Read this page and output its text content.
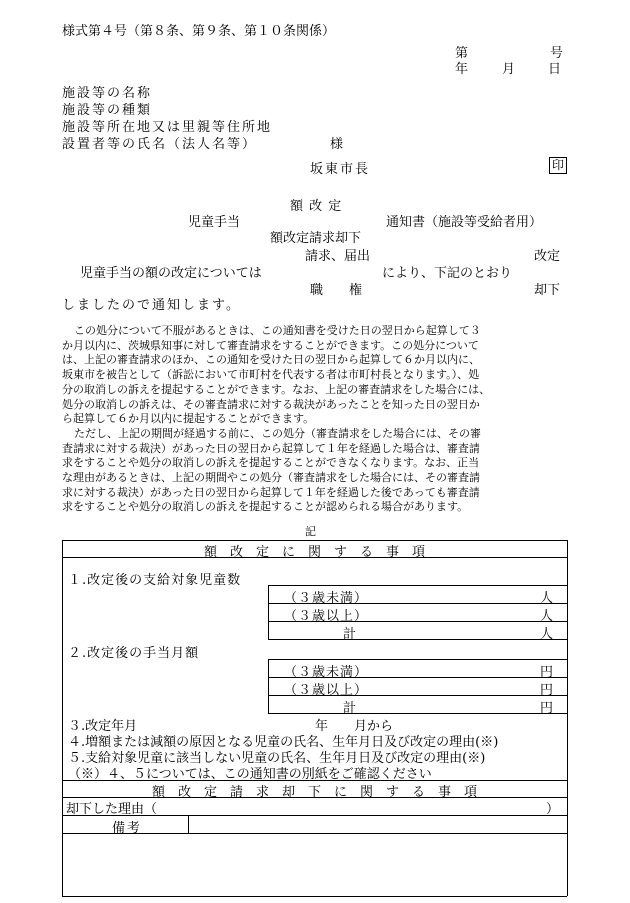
様式第４号（第８条、第９条、第１０条関係）
第	号
年	月	日
施設等の名称
施設等の種類
施設等所在地又は里親等住所地
設置者等の氏名（法人名等）	様
坂東市長	印
額 改 定
児童手当	通知書（施設等受給者用）
額改定請求却下
請求、届出	改定
児童手当の額の改定については	により、下記のとおり
職　　権	却下
しましたので通知します。
この処分について不服があるときは、この通知書を受けた日の翌日から起算して３
か月以内に、茨城県知事に対して審査請求をすることができます。この処分について
は、上記の審査請求のほか、この通知を受けた日の翌日から起算して６か月以内に、
坂東市を被告として（訴訟において市町村を代表する者は市町村長となります。）、処
分の取消しの訴えを提起することができます。なお、上記の審査請求をした場合には、
処分の取消しの訴えは、その審査請求に対する裁決があったことを知った日の翌日か
ら起算して６か月以内に提起することができます。
ただし、上記の期間が経過する前に、この処分（審査請求をした場合には、その審
査請求に対する裁決）があった日の翌日から起算して１年を経過した場合は、審査請
求をすることや処分の取消しの訴えを提起することができなくなります。なお、正当
な理由があるときは、上記の期間やこの処分（審査請求をした場合には、その審査請
求に対する裁決）があった日の翌日から起算して１年を経過した後であっても審査請
求をすることや処分の取消しの訴えを提起することが認められる場合があります。
記
額　改　定　に　関　す　る　事　項
１.改定後の支給対象児童数
（３歳未満）	人
（３歳以上）	人
計	人
２.改定後の手当月額
（３歳未満）	円
（３歳以上）	円
計	円
３.改定年月	年　　月から
４.増額または減額の原因となる児童の氏名、生年月日及び改定の理由(※)
５.支給対象児童に該当しない児童の氏名、生年月日及び改定の理由(※)
（※）４、５については、この通知書の別紙をご確認ください
額　改　定　請　求　却　下　に　関　す　る　事　項
却下した理由（	）
備考
